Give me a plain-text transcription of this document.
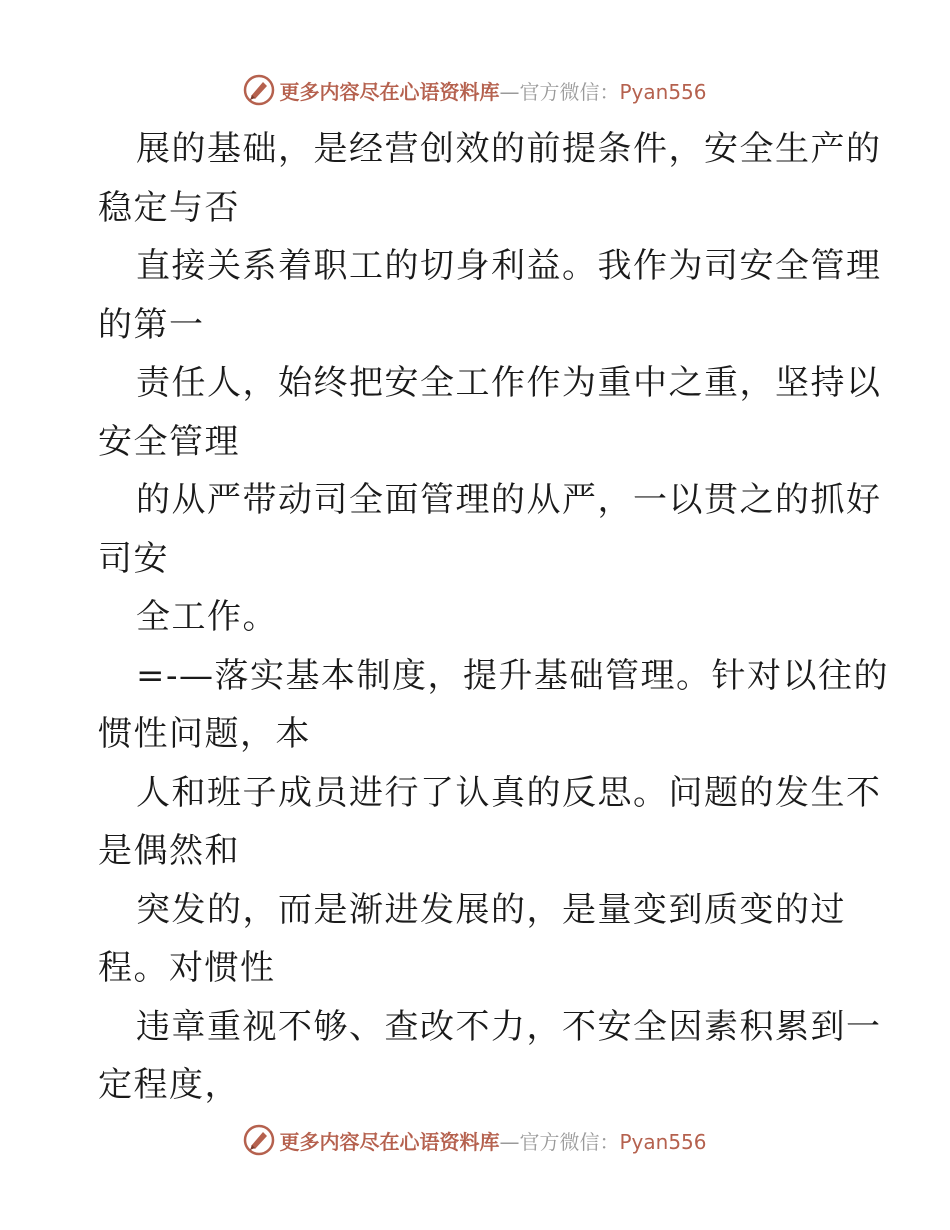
更多内容尽在心语资料库—官方微信：Pyan556
展的基础，是经营创效的前提条件，安全生产的
稳定与否
直接关系着职工的切身利益。我作为司安全管理
的第一
责任人，始终把安全工作作为重中之重，坚持以
安全管理
的从严带动司全面管理的从严，一以贯之的抓好
司安
全工作。
=-—落实基本制度，提升基础管理。针对以往的
惯性问题，本
人和班子成员进行了认真的反思。问题的发生不
是偶然和
突发的，而是渐进发展的，是量变到质变的过
程。对惯性
违章重视不够、查改不力，不安全因素积累到一
定程度，
更多内容尽在心语资料库—官方微信：Pyan556
